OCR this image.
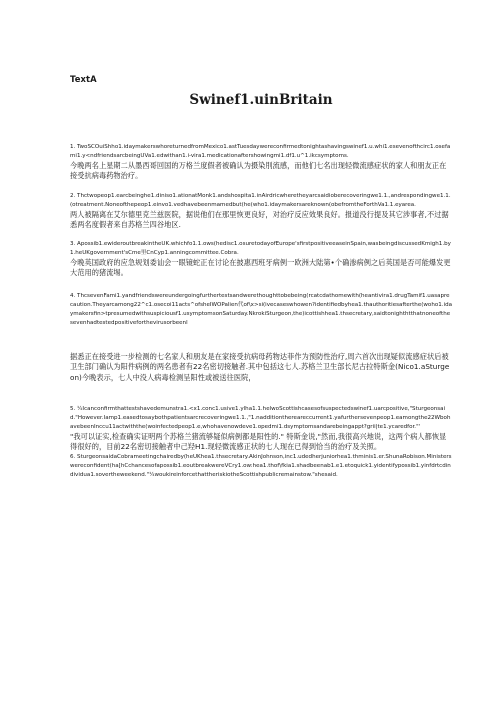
TextA
Swinef1.uinBritain
1. TwoSCOuiShho1.idaymakerswhoreturnedfromMexico1.astTuesdaywereconfirmedtonightashavingswinef1.u.whi1.esevenofthcirc1.osefami1.y<ndfriendsarcbeingUVa1.edwithan1.i-vira1.medicationaftershowingmi1.df1.u^1.ikcsymptoms.
今晚两名上星期二从墨西哥回国的万格兰度假者被确认为摄染刖流感，而他们七名出现轻微流感症状的家人和朋友正在接受抗病毒药物治疗。
2. Thctwopeop1.earcbeinghe1.diniso1.ationatMonk1.andshospita1.inAirdricwheretheyarcsaidioberecoveringwe1.1.,andrespondingwe1.1.(otreatment.Noneofthepeop1.einvo1.vedhavebeenmamedbut(he(who1.idaymakersareknown(obefromtheForthVa1.1.eyarea.
两人被隔离在艾尔德里克兰兹医院，据说他们在那里恢更良好，对治疗反应效果良好。报道没行提及其它涉事者,不过据悉两名度假者来自苏格兰四谷地区.
3. Apossib1.ewideroutbreakintheUK.whichfo1.1.ows(hedisc1.osuretodayofEurope'sfirstpositiveeaseinSpain,wasbeingdiscussedKmigh1.by1.heUKgovernment'sCme里CnCyp1.anningcommittee.Cobra.
今晚英国政府的应急规划委讪会一眼镜蛇正在讨论在披惠西班牙病例一欧洲大陆第•个确渗病例之后英国是否可能爆发更大范用的猪流埸。
4. ThcsevenFami1.yandfriendswereundergoingfurthertestsandwerethoughttobebeing(rcatcdathomewith(heantivira1.drugTamif1.uasaprecaution.Theyarcamong22^c1.osecoi11acts^ofsheIWOPalien代of\x>si(ivecaseswhowen?identifiedbyhea1.thauthoritiesafterthe(woho1.idaymakersfin>tpresumedwithsuspiciousf1.usymptomsonSaturday.NkrokiSturgeon,the)icottishhea1.thsecretary,saidtonighthtthatnoneofthesevenhadtestedpositiveforthevirusorbeenl
据悉正在接受进一步检测的七名家人和朋友是在家接受抗病母药物达菲作为预防性治疗,周六首次出现疑似流感症状后被卫生部门确认为阳件病例的两名患者有22名密切接触者.其中包括这七人.苏格兰卫生部长尼古拉特斯金(Nico1.aSturgeon)今晚表示，七人中没人病毒检测呈阳性或被送往医院，
5. ¼Icanconfirmthattestshavedemunstra1.<x1.conc1.usive1.ylha1.1.helwoScottishcasesofsuspectedswinef1.uarcpositive,"Sturgeonsaid."However.Iamp1.easedtosaybothpatientsarcrecoveringwe1.1.,"1.nadditionthereareccurrent1.yafurthersevenpeop1.eamongthe22WbohavebeenInccu11actwiththe(woinfectedpeop1.e,whohavenowdeve1.opedmi1.dsymptomsandarebeingappt?grii|te1.ycaredfor."'
"我可以证实,检查确实证明两个苏格兰猪流够疑似病例都是阳性的." 特斯金说,"然而,我很高兴地说，这两个病人都恢显得很好的，目前22名密切接触者中己羟H1.现轻微流感正状的七人现在已得到恰当的治疗及关照。
6. SturgeonsaidaCobrameetingchairedby(heUKhea1.thsecretary.AkinJohnson,inc1.udedherjuniorhea1.thminis1.er.ShunaRobison.Ministerswereconfident(ha[hCchancesofapossib1.eoutbreakwereVCry1.ow:hea1.thof\fkia1.shadbeenab1.e1.etoquick1.yidentifypossib1.yinfdrtcdindividua1.sovertheweekend."¼woukireinforcethattheriskiotheScottishpublicremainstow."shesaid.
